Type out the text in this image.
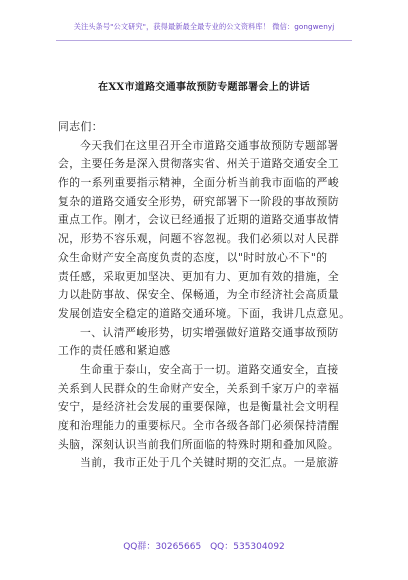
关注头条号"公文研究"，获得最新最全最专业的公文资料库！ 微信：gongwenyj
在XX市道路交通事故预防专题部署会上的讲话
同志们：
今天我们在这里召开全市道路交通事故预防专题部署
会，主要任务是深入贯彻落实省、州关于道路交通安全工
作的一系列重要指示精神，全面分析当前我市面临的严峻
复杂的道路交通安全形势，研究部署下一阶段的事故预防
重点工作。刚才，会议已经通报了近期的道路交通事故情
况，形势不容乐观，问题不容忽视。我们必须以对人民群
众生命财产安全高度负责的态度，以"时时放心不下"的
责任感，采取更加坚决、更加有力、更加有效的措施，全
力以赴防事故、保安全、保畅通，为全市经济社会高质量
发展创造安全稳定的道路交通环境。下面，我讲几点意见。
一、认清严峻形势，切实增强做好道路交通事故预防
工作的责任感和紧迫感
生命重于泰山，安全高于一切。道路交通安全，直接
关系到人民群众的生命财产安全，关系到千家万户的幸福
安宁，是经济社会发展的重要保障，也是衡量社会文明程
度和治理能力的重要标尺。全市各级各部门必须保持清醒
头脑，深刻认识当前我们所面临的特殊时期和叠加风险。
当前，我市正处于几个关键时期的交汇点。一是旅游
QQ群：30265665 QQ：535304092
